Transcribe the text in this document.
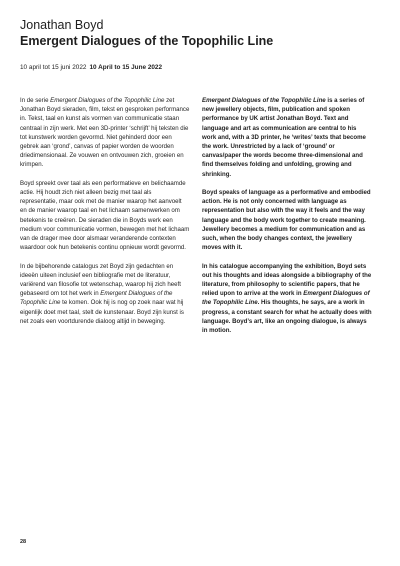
Jonathan Boyd
Emergent Dialogues of the Topophilic Line
10 april tot 15 juni 2022 10 April to 15 June 2022

In de serie Emergent Dialogues of the Topophilic Line zet Jonathan Boyd sieraden, film, tekst en gesproken performance in. Tekst, taal en kunst als vormen van communicatie staan centraal in zijn werk. Met een 3D-printer ‘schrijft’ hij teksten die tot kunstwerk worden gevormd. Niet gehinderd door een gebrek aan ‘grond’, canvas of papier worden de woorden driedimensionaal. Ze vouwen en ontvouwen zich, groeien en krimpen.

Boyd spreekt over taal als een performatieve en belichaamde actie. Hij houdt zich niet alleen bezig met taal als representatie, maar ook met de manier waarop het aanvoelt en de manier waarop taal en het lichaam samenwerken om betekenis te creëren. De sieraden die in Boyds werk een medium voor communicatie vormen, bewegen met het lichaam van de drager mee door alsmaar veranderende contexten waardoor ook hun betekenis continu opnieuw wordt gevormd.

In de bijbehorende catalogus zet Boyd zijn gedachten en ideeën uiteen inclusief een bibliografie met de literatuur, variërend van filosofie tot wetenschap, waarop hij zich heeft gebaseerd om tot het werk in Emergent Dialogues of the Topophilic Line te komen. Ook hij is nog op zoek naar wat hij eigenlijk doet met taal, stelt de kunstenaar. Boyd zijn kunst is net zoals een voortdurende dialoog altijd in beweging.

Emergent Dialogues of the Topophilic Line is a series of new jewellery objects, film, publication and spoken performance by UK artist Jonathan Boyd. Text and language and art as communication are central to his work and, with a 3D printer, he ‘writes’ texts that become the work. Unrestricted by a lack of ‘ground’ or canvas/paper the words become three-dimensional and find themselves folding and unfolding, growing and shrinking.

Boyd speaks of language as a performative and embodied action. He is not only concerned with language as representation but also with the way it feels and the way language and the body work together to create meaning. Jewellery becomes a medium for communication and as such, when the body changes context, the jewellery moves with it.

In his catalogue accompanying the exhibition, Boyd sets out his thoughts and ideas alongside a bibliography of the literature, from philosophy to scientific papers, that he relied upon to arrive at the work in Emergent Dialogues of the Topophilic Line. His thoughts, he says, are a work in progress, a constant search for what he actually does with language. Boyd’s art, like an ongoing dialogue, is always in motion.

28
